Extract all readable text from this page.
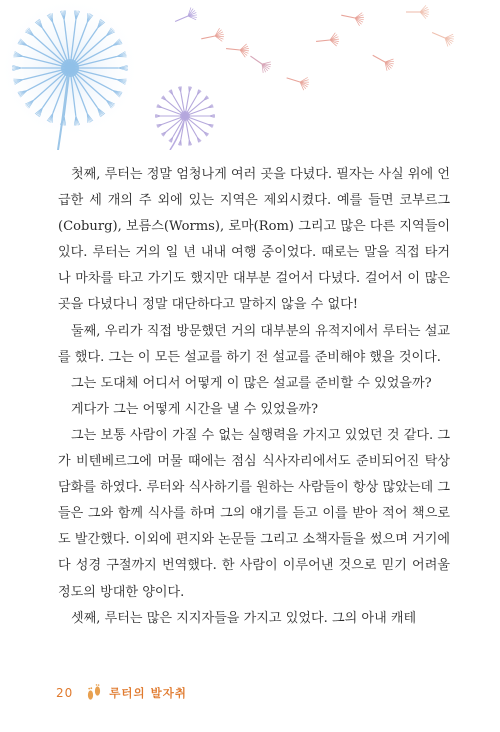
첫째, 루터는 정말 엄청나게 여러 곳을 다녔다. 필자는 사실 위에 언급한 세 개의 주 외에 있는 지역은 제외시켰다. 예를 들면 코부르그(Coburg), 보름스(Worms), 로마(Rom) 그리고 많은 다른 지역들이 있다. 루터는 거의 일 년 내내 여행 중이었다. 때로는 말을 직접 타거나 마차를 타고 가기도 했지만 대부분 걸어서 다녔다. 걸어서 이 많은 곳을 다녔다니 정말 대단하다고 말하지 않을 수 없다!

둘째, 우리가 직접 방문했던 거의 대부분의 유적지에서 루터는 설교를 했다. 그는 이 모든 설교를 하기 전 설교를 준비해야 했을 것이다.

그는 도대체 어디서 어떻게 이 많은 설교를 준비할 수 있었을까?

게다가 그는 어떻게 시간을 낼 수 있었을까?

그는 보통 사람이 가질 수 없는 실행력을 가지고 있었던 것 같다. 그가 비텐베르그에 머물 때에는 점심 식사자리에서도 준비되어진 탁상담화를 하였다. 루터와 식사하기를 원하는 사람들이 항상 많았는데 그들은 그와 함께 식사를 하며 그의 얘기를 듣고 이를 받아 적어 책으로도 발간했다. 이외에 편지와 논문들 그리고 소책자들을 썼으며 거기에다 성경 구절까지 번역했다. 한 사람이 이루어낸 것으로 믿기 어려울 정도의 방대한 양이다.

셋째, 루터는 많은 지지자들을 가지고 있었다. 그의 아내 캐테

20	루터의 발자취
